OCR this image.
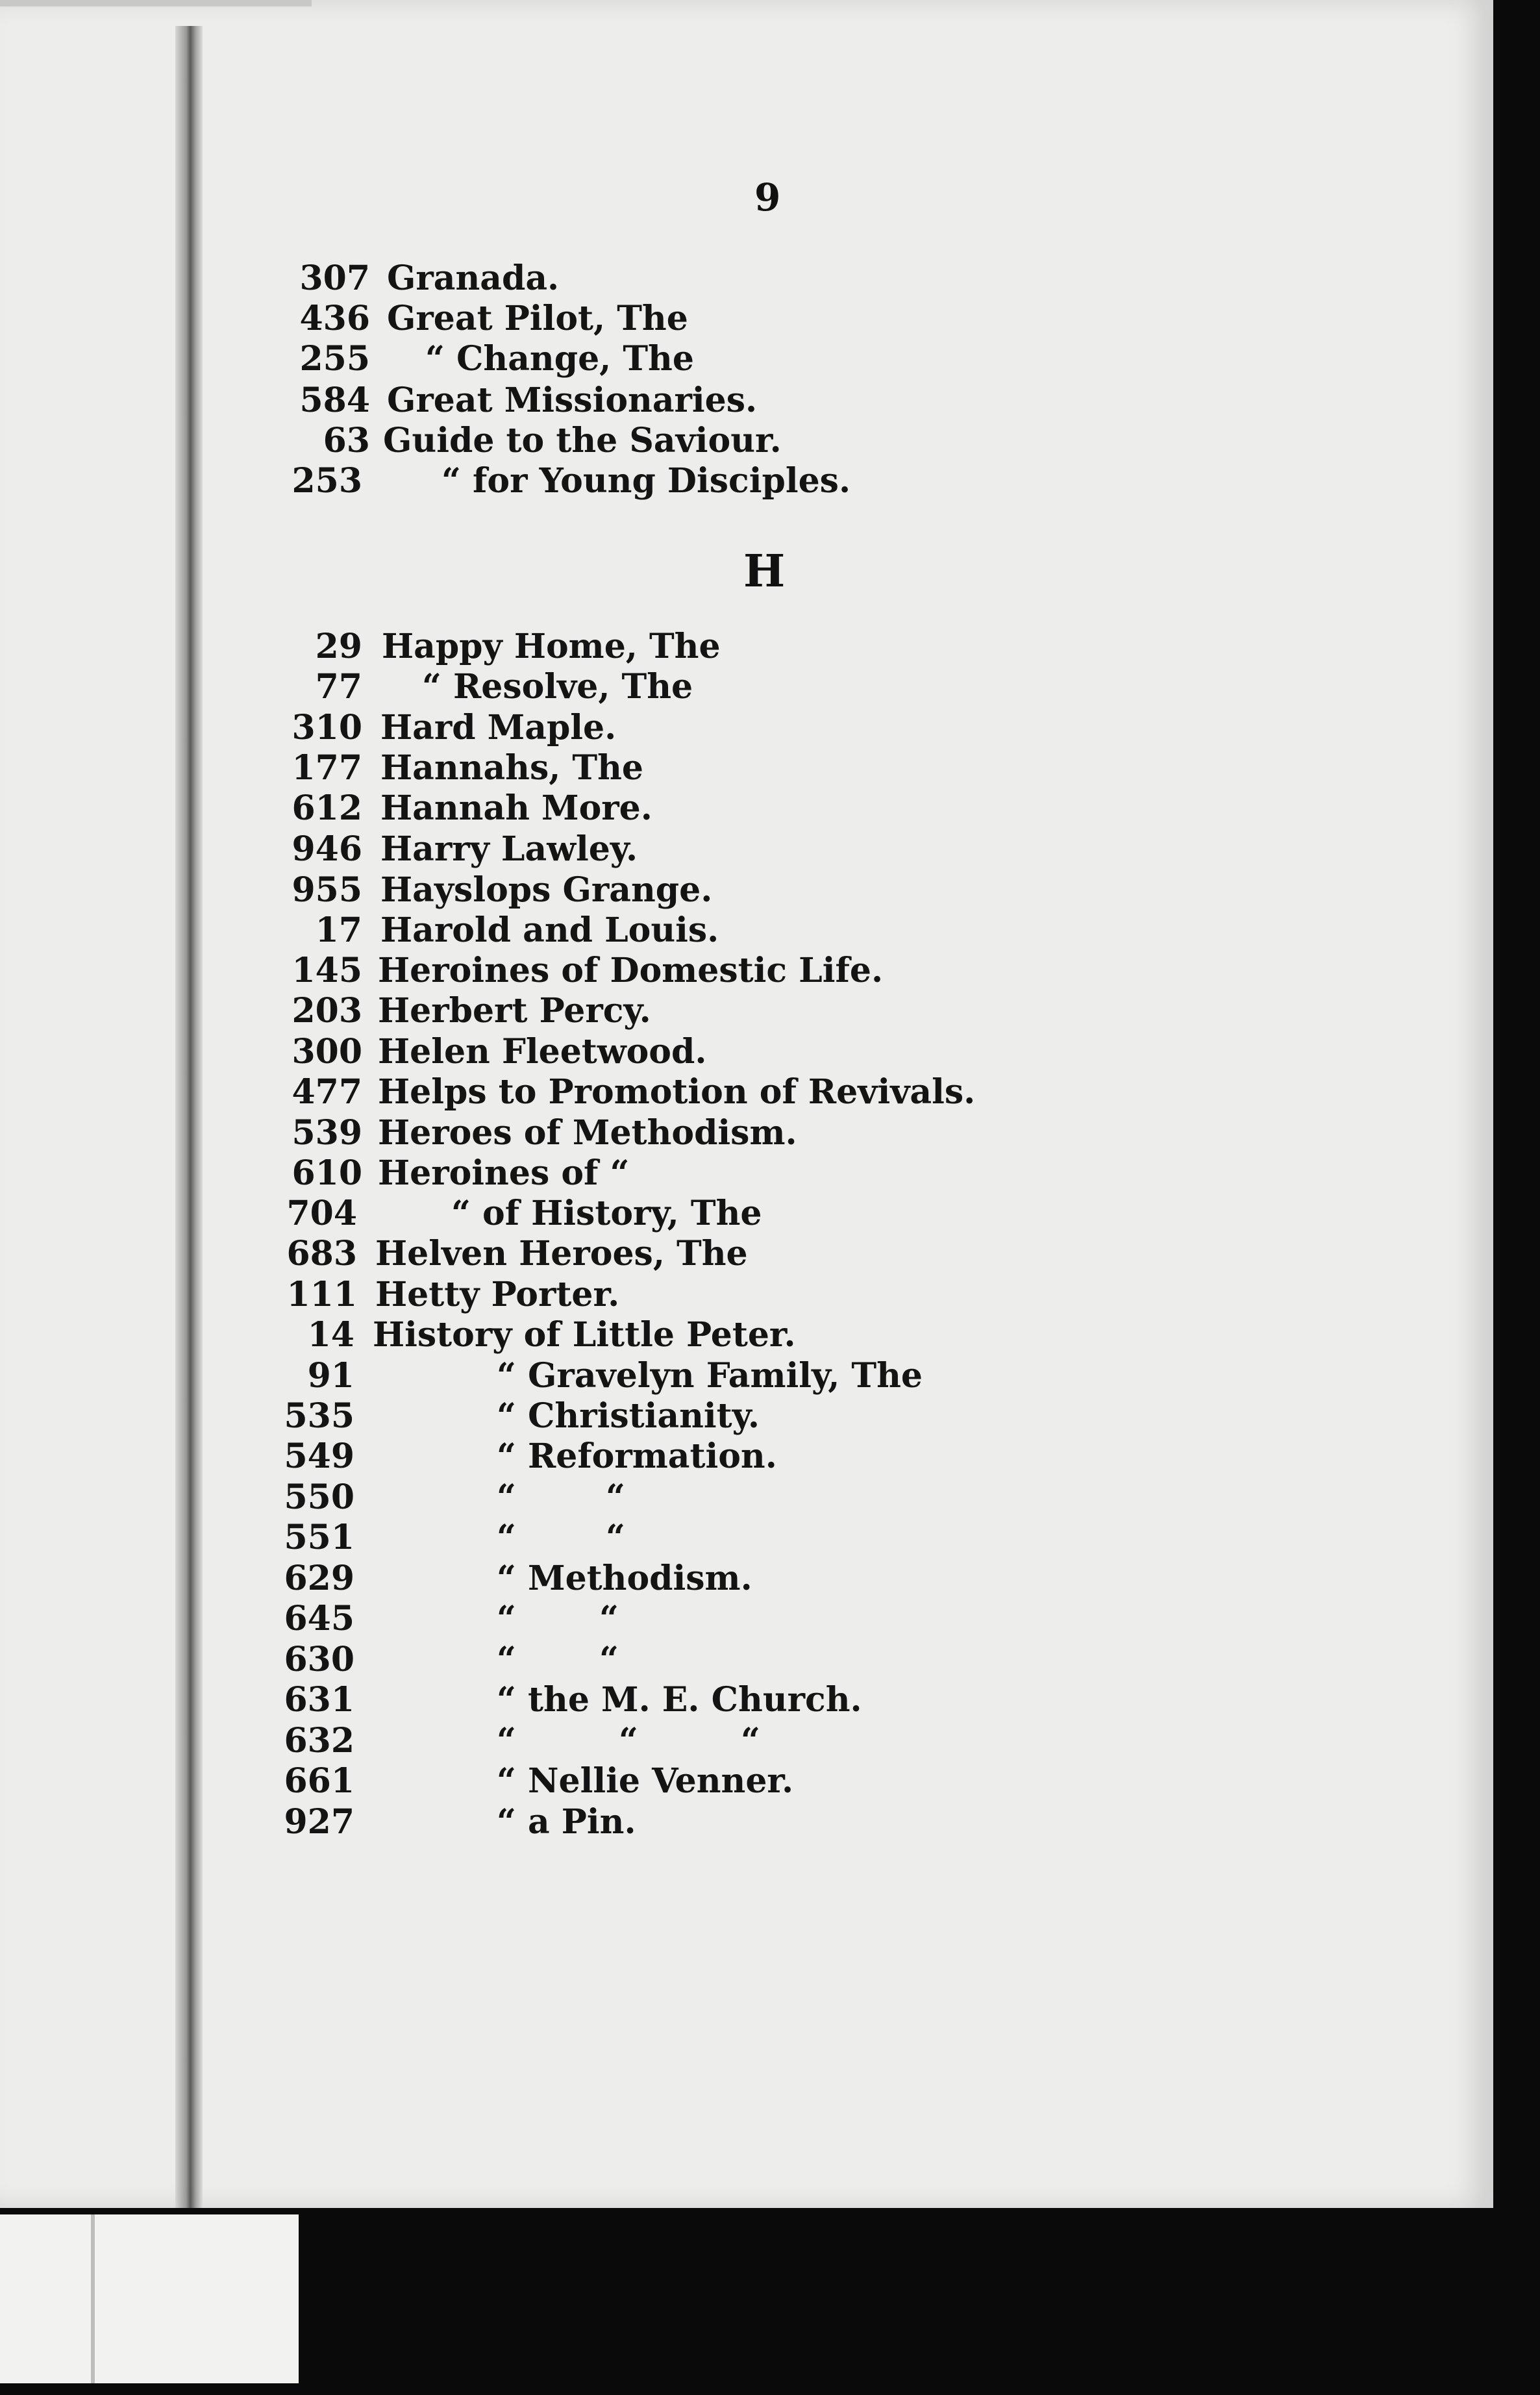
9
307 Granada.
436 Great Pilot, The
255 “ Change, The
584 Great Missionaries.
63 Guide to the Saviour.
253 “ for Young Disciples.
H
29 Happy Home, The
77 “ Resolve, The
310 Hard Maple.
177 Hannahs, The
612 Hannah More.
946 Harry Lawley.
955 Hayslops Grange.
17 Harold and Louis.
145 Heroines of Domestic Life.
203 Herbert Percy.
300 Helen Fleetwood.
477 Helps to Promotion of Revivals.
539 Heroes of Methodism.
610 Heroines of “
704	“ of History, The
683 Helven Heroes, The
111 Hetty Porter.
14 History of Little Peter.
91	“ Gravelyn Family, The
535	“ Christianity.
549	“ Reformation.
550	“ “
551	“ “
629	“ Methodism.
645	“ “
630	“ “
631	“ the M. E. Church.
632	“ “ “
661	“ Nellie Venner.
927	“ a Pin.
